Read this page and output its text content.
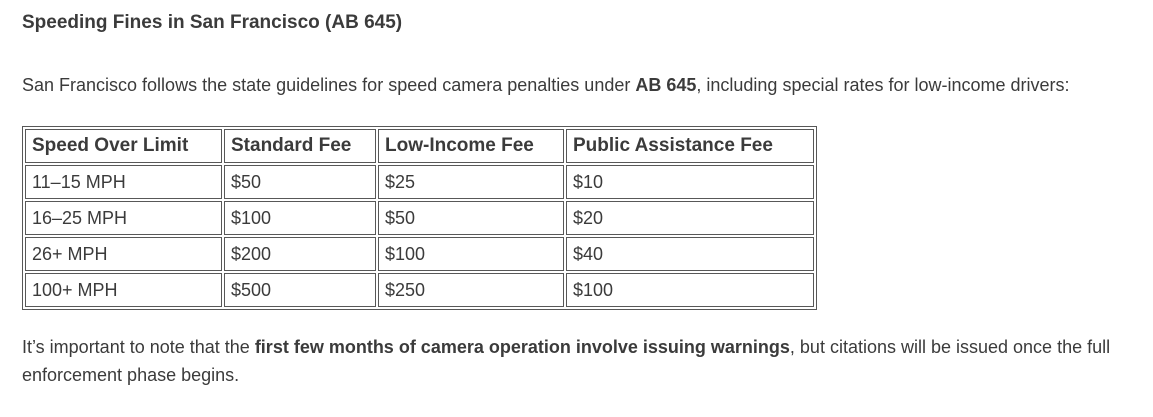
Speeding Fines in San Francisco (AB 645)

San Francisco follows the state guidelines for speed camera penalties under AB 645, including special rates for low-income drivers:

Speed Over Limit	Standard Fee	Low-Income Fee	Public Assistance Fee
11–15 MPH	$50	$25	$10
16–25 MPH	$100	$50	$20
26+ MPH	$200	$100	$40
100+ MPH	$500	$250	$100

It’s important to note that the first few months of camera operation involve issuing warnings, but citations will be issued once the full enforcement phase begins.
